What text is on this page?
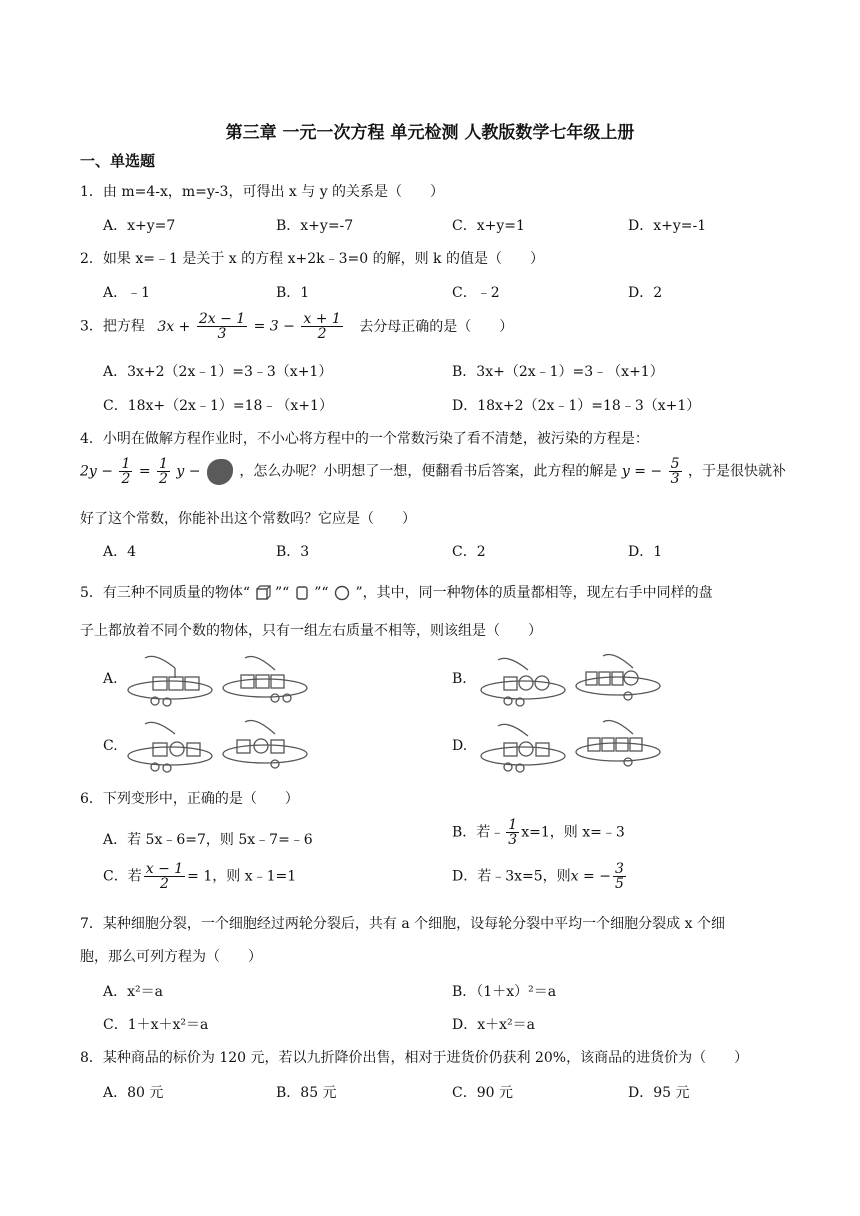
第三章 一元一次方程 单元检测 人教版数学七年级上册
一、单选题
1．由 m=4-x，m=y-3，可得出 x 与 y 的关系是（　　）
A．x+y=7	B．x+y=-7	C．x+y=1	D．x+y=-1
2．如果 x=﹣1 是关于 x 的方程 x+2k﹣3=0 的解，则 k 的值是（　　）
A．﹣1	B．1	C．﹣2	D．2
3．把方程 $3x + \frac{2x - 1}{3} = 3 - \frac{x + 1}{2}$ 去分母正确的是（　　）
A．3x+2（2x﹣1）=3﹣3（x+1）	B．3x+（2x﹣1）=3﹣（x+1）
C．18x+（2x﹣1）=18﹣（x+1）	D．18x+2（2x﹣1）=18﹣3（x+1）
4．小明在做解方程作业时，不小心将方程中的一个常数污染了看不清楚，被污染的方程是：
$2y - \frac{1}{2} = \frac{1}{2}$ y −	，怎么办呢？小明想了一想，便翻看书后答案，此方程的解是 y = − $\frac{5}{3}$ ，于是很快就补
好了这个常数，你能补出这个常数吗？它应是（　　）
A．4	B．3	C．2	D．1
5．有三种不同质量的物体“ ”“ ”“ ”，其中，同一种物体的质量都相等，现左右手中同样的盘
子上都放着不同个数的物体，只有一组左右质量不相等，则该组是（　　）
A.	B.
C.	D.
6．下列变形中，正确的是（　　）
A．若 5x﹣6=7，则 5x﹣7=﹣6	B．若﹣ $\frac{1}{3} x=1$，则 x=﹣3
C．若 $\frac{x - 1}{2} = 1$，则 x﹣1=1	D．若﹣3x=5，则x = − $\frac{3}{5}$
7．某种细胞分裂，一个细胞经过两轮分裂后，共有 a 个细胞，设每轮分裂中平均一个细胞分裂成 x 个细
胞，那么可列方程为（　　）
A．x²＝a	B．（1＋x）²＝a
C．1＋x＋x²＝a	D．x＋x²＝a
8．某种商品的标价为 120 元，若以九折降价出售，相对于进货价仍获利 20%，该商品的进货价为（　　）
A．80 元	B．85 元	C．90 元	D．95 元
